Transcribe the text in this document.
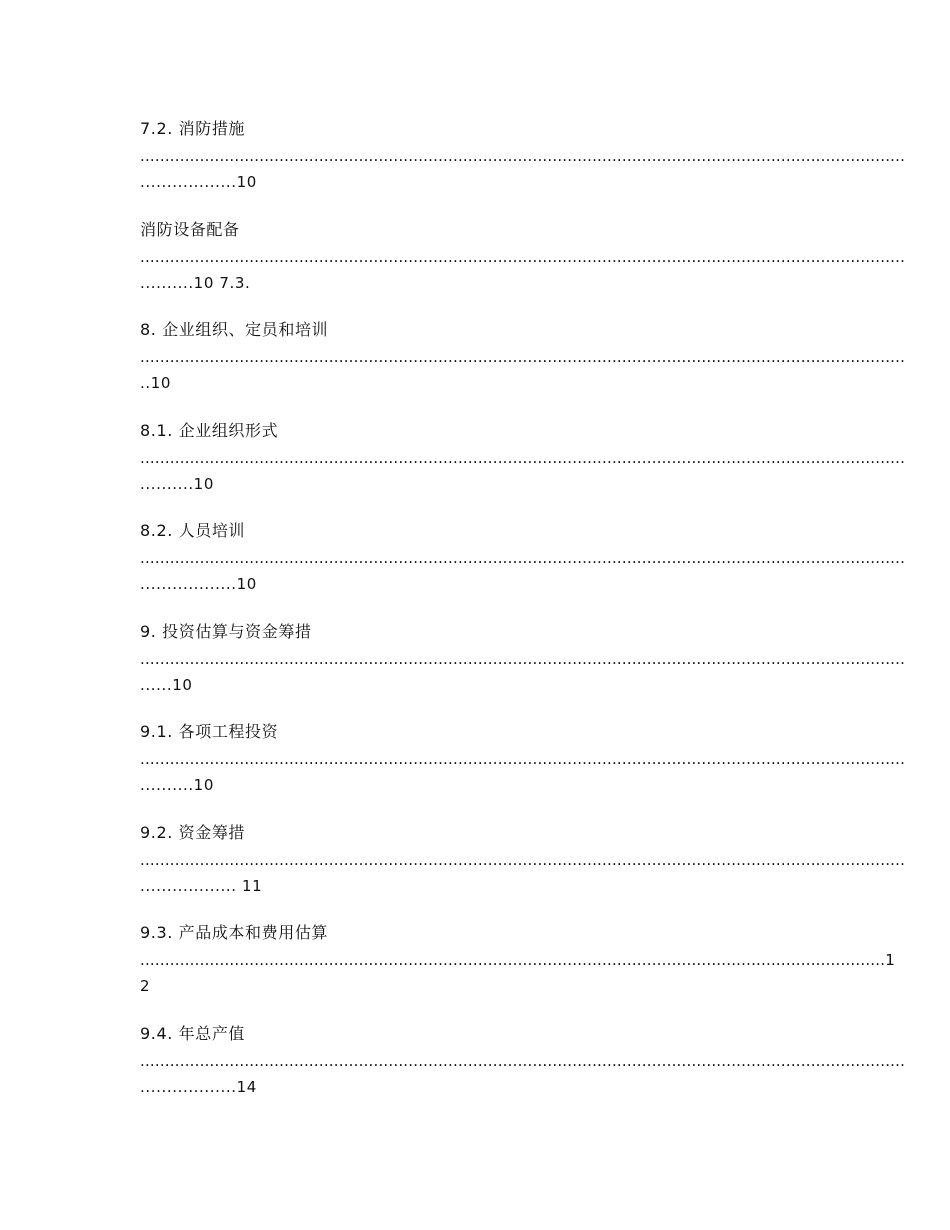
7.2. 消防措施
..........................................................................................................................................................
..................10
消防设备配备
..........................................................................................................................................................
..........10 7.3.
8. 企业组织、定员和培训
..........................................................................................................................................................
..10
8.1. 企业组织形式
..........................................................................................................................................................
..........10
8.2. 人员培训
..........................................................................................................................................................
..................10
9. 投资估算与资金筹措
..........................................................................................................................................................
......10
9.1. 各项工程投资
..........................................................................................................................................................
..........10
9.2. 资金筹措
..........................................................................................................................................................
.................. 11
9.3. 产品成本和费用估算
......................................................................................................................................................1
2
9.4. 年总产值
..........................................................................................................................................................
..................14
